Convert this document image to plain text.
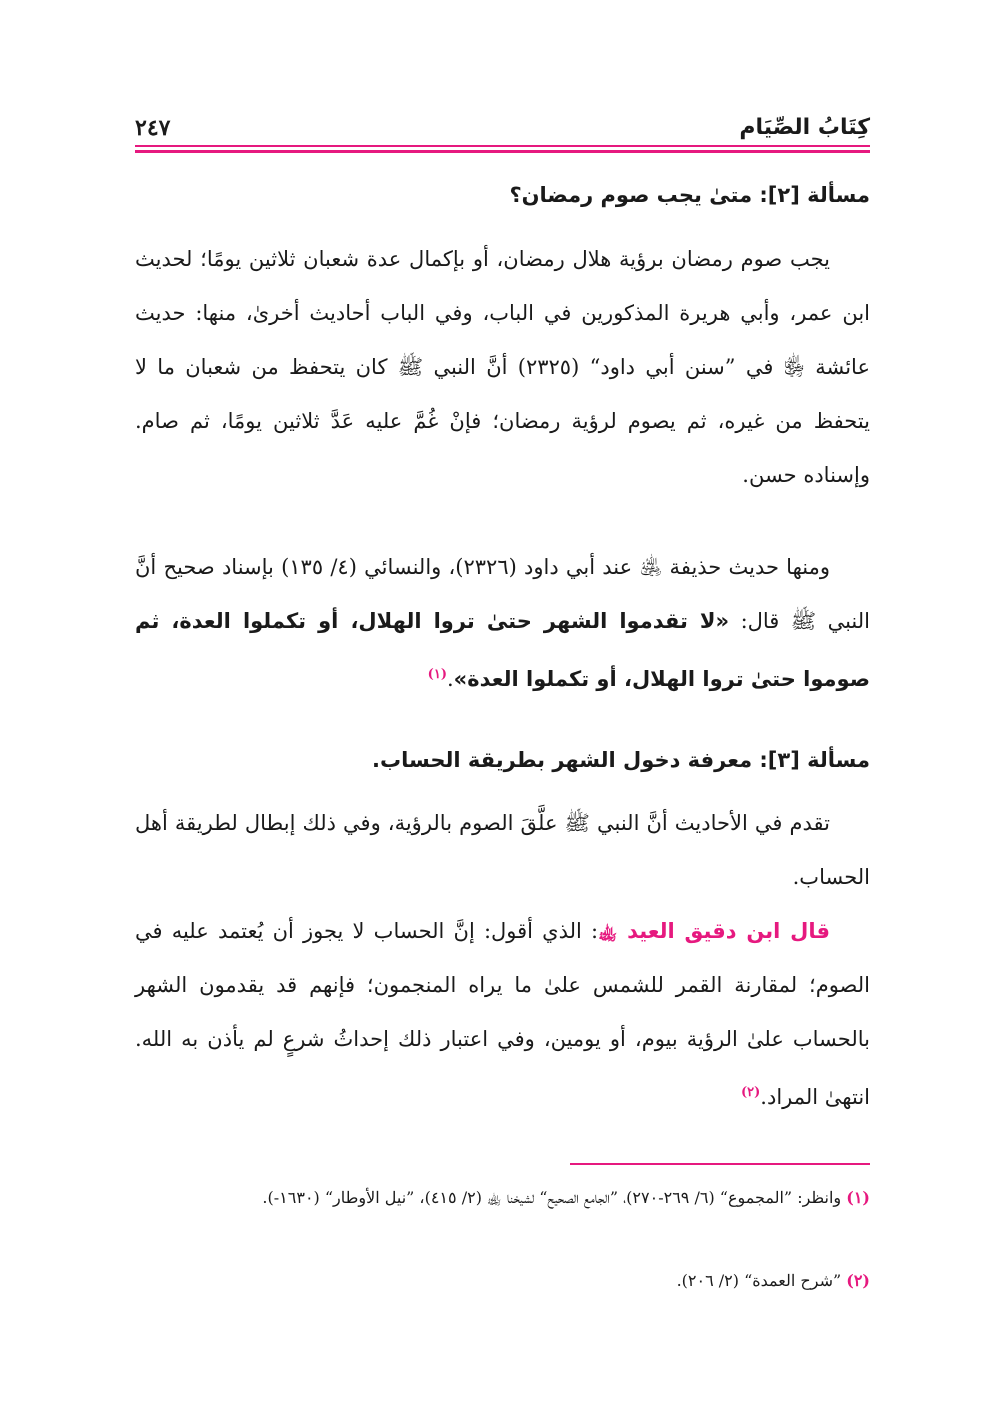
كِتَابُ الصِّيَام
٢٤٧
مسألة [٢]: متىٰ يجب صوم رمضان؟
يجب صوم رمضان برؤية هلال رمضان، أو بإكمال عدة شعبان ثلاثين يومًا؛ لحديث ابن عمر، وأبي هريرة المذكورين في الباب، وفي الباب أحاديث أخرىٰ، منها: حديث عائشة ﵂ في ”سنن أبي داود“ (٢٣٢٥) أنَّ النبي ﷺ كان يتحفظ من شعبان ما لا يتحفظ من غيره، ثم يصوم لرؤية رمضان؛ فإنْ غُمَّ عليه عَدَّ ثلاثين يومًا، ثم صام. وإسناده حسن.
ومنها حديث حذيفة ﵁ عند أبي داود (٢٣٢٦)، والنسائي (٤/ ١٣٥) بإسناد صحيح أنَّ النبي ﷺ قال: «لا تقدموا الشهر حتىٰ تروا الهلال، أو تكملوا العدة، ثم صوموا حتىٰ تروا الهلال، أو تكملوا العدة».$^{(١)}$
مسألة [٣]: معرفة دخول الشهر بطريقة الحساب.
تقدم في الأحاديث أنَّ النبي ﷺ علَّقَ الصوم بالرؤية، وفي ذلك إبطال لطريقة أهل الحساب.
قال ابن دقيق العيد ﵀: الذي أقول: إنَّ الحساب لا يجوز أن يُعتمد عليه في الصوم؛ لمقارنة القمر للشمس علىٰ ما يراه المنجمون؛ فإنهم قد يقدمون الشهر بالحساب علىٰ الرؤية بيوم، أو يومين، وفي اعتبار ذلك إحداثُ شرعٍ لم يأذن به الله. انتهىٰ المراد.$^{(٢)}$
(١) وانظر: ”المجموع“ (٦/ ٢٦٩-٢٧٠)، ”الجامع الصحيح“ لشيخنا ﵀ (٢/ ٤١٥)، ”نيل الأوطار“ (١٦٣٠-).
(٢) ”شرح العمدة“ (٢/ ٢٠٦).
